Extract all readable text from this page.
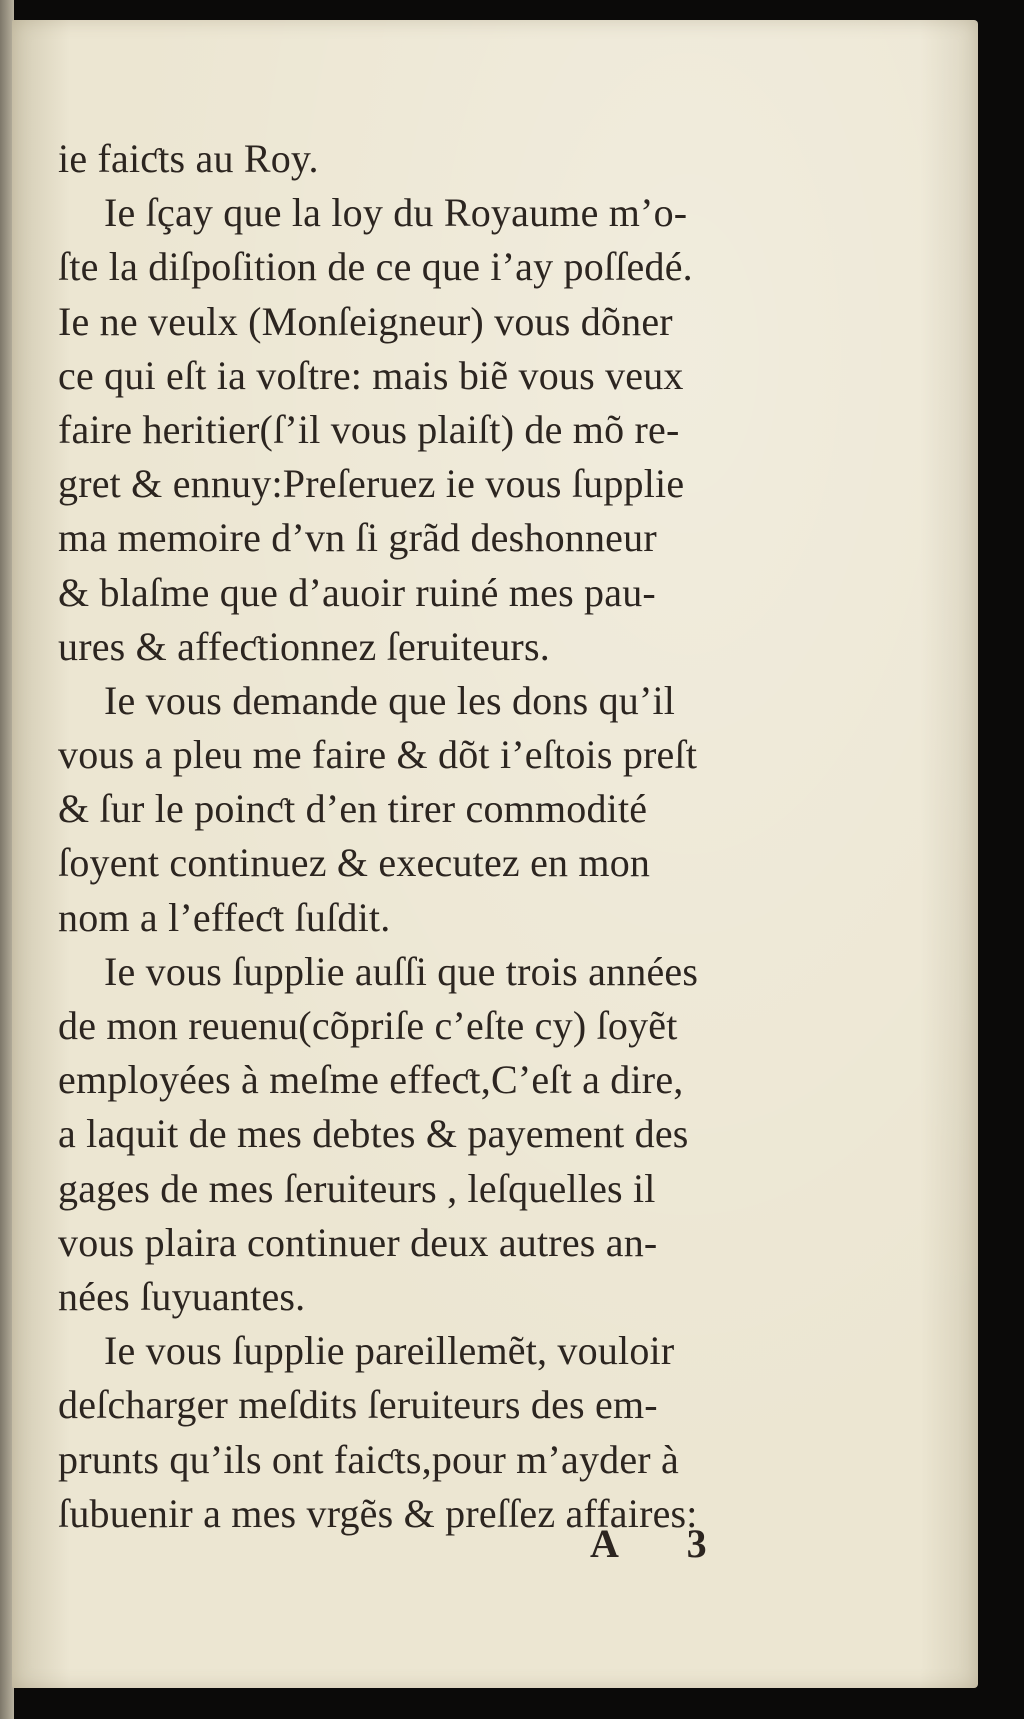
ie faiƈts au Roy.
Ie ſçay que la loy du Royaume m’o-
ſte la diſpoſition de ce que i’ay poſſedé.
Ie ne veulx (Monſeigneur) vous dõner
ce qui eſt ia voſtre: mais biẽ vous veux
faire heritier(ſ’il vous plaiſt) de mõ re-
gret & ennuy:Preſeruez ie vous ſupplie
ma memoire d’vn ſi grãd deshonneur
& blaſme que d’auoir ruiné mes pau-
ures & affeƈtionnez ſeruiteurs.
Ie vous demande que les dons qu’il
vous a pleu me faire & dõt i’eſtois preſt
& ſur le poinƈt d’en tirer commodité
ſoyent continuez & executez en mon
nom a l’effeƈt ſuſdit.
Ie vous ſupplie auſſi que trois années
de mon reuenu(cõpriſe c’eſte cy) ſoyẽt
employées à meſme effeƈt,C’eſt a dire,
a laquit de mes debtes & payement des
gages de mes ſeruiteurs , leſquelles il
vous plaira continuer deux autres an-
nées ſuyuantes.
Ie vous ſupplie pareillemẽt, vouloir
deſcharger meſdits ſeruiteurs des em-
prunts qu’ils ont faiƈts,pour m’ayder à
ſubuenir a mes vrgẽs & preſſez affaires:
A 3
